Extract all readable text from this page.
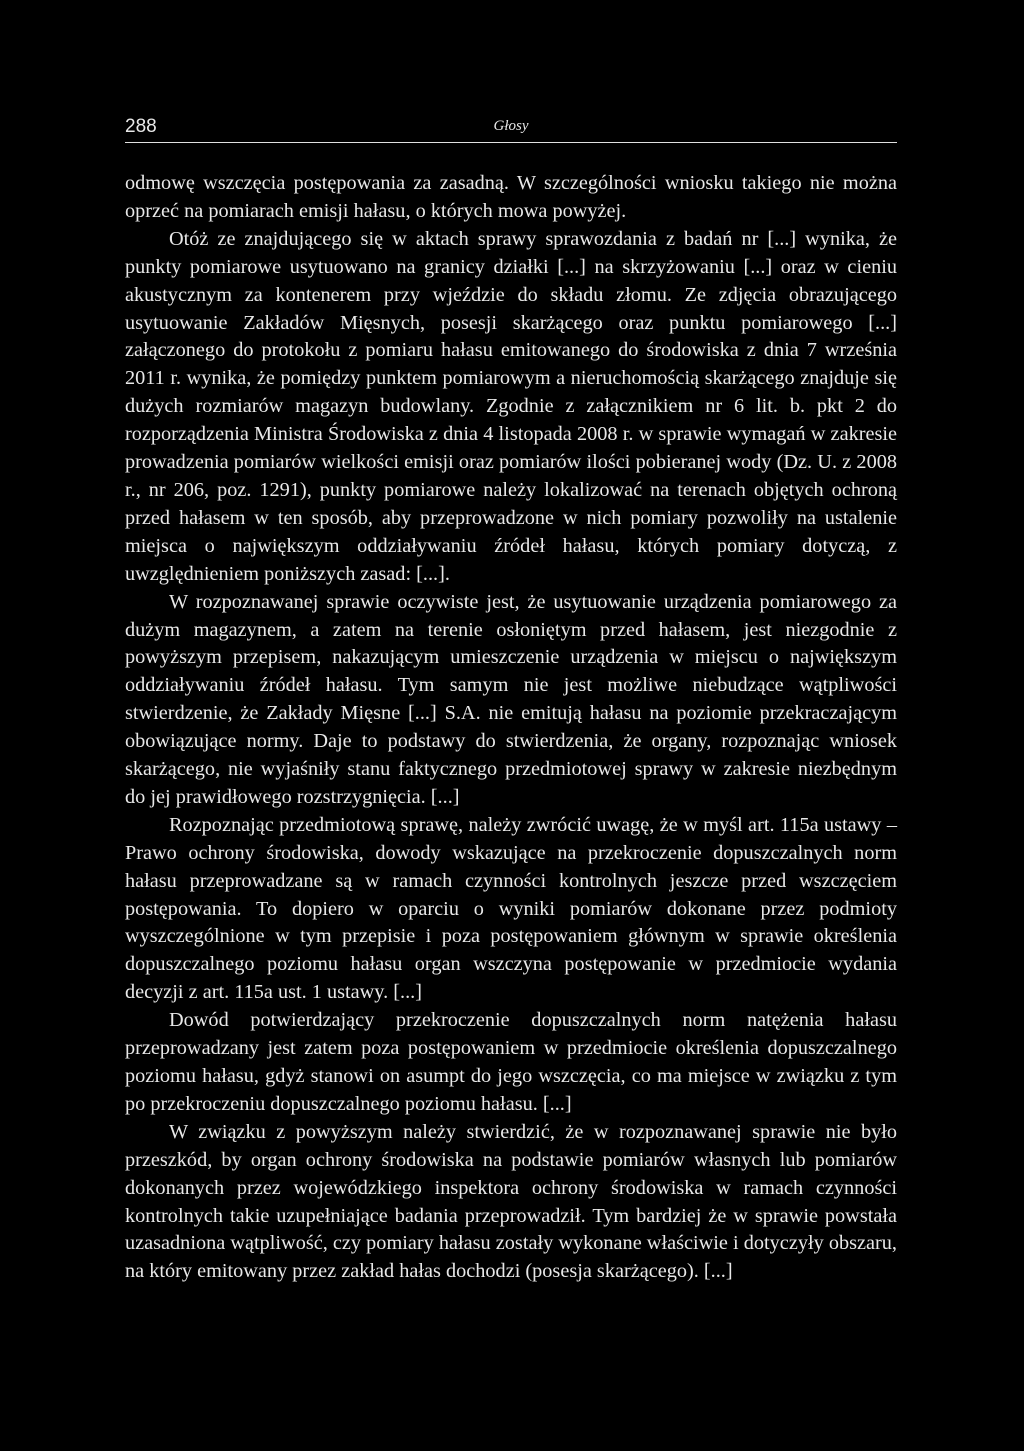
288	Głosy

odmowę wszczęcia postępowania za zasadną. W szczególności wniosku takiego nie można oprzeć na pomiarach emisji hałasu, o których mowa powyżej.

Otóż ze znajdującego się w aktach sprawy sprawozdania z badań nr [...] wynika, że punkty pomiarowe usytuowano na granicy działki [...] na skrzyżowaniu [...] oraz w cieniu akustycznym za kontenerem przy wjeździe do składu złomu. Ze zdjęcia obrazującego usytuowanie Zakładów Mięsnych, posesji skarżącego oraz punktu pomiarowego [...] załączonego do protokołu z pomiaru hałasu emitowanego do środowiska z dnia 7 września 2011 r. wynika, że pomiędzy punktem pomiarowym a nieruchomością skarżącego znajduje się dużych rozmiarów magazyn budowlany. Zgodnie z załącznikiem nr 6 lit. b. pkt 2 do rozporządzenia Ministra Środowiska z dnia 4 listopada 2008 r. w sprawie wymagań w zakresie prowadzenia pomiarów wielkości emisji oraz pomiarów ilości pobieranej wody (Dz. U. z 2008 r., nr 206, poz. 1291), punkty pomiarowe należy lokalizować na terenach objętych ochroną przed hałasem w ten sposób, aby przeprowadzone w nich pomiary pozwoliły na ustalenie miejsca o największym oddziaływaniu źródeł hałasu, których pomiary dotyczą, z uwzględnieniem poniższych zasad: [...].

W rozpoznawanej sprawie oczywiste jest, że usytuowanie urządzenia pomiarowego za dużym magazynem, a zatem na terenie osłoniętym przed hałasem, jest niezgodnie z powyższym przepisem, nakazującym umieszczenie urządzenia w miejscu o największym oddziaływaniu źródeł hałasu. Tym samym nie jest możliwe niebudzące wątpliwości stwierdzenie, że Zakłady Mięsne [...] S.A. nie emitują hałasu na poziomie przekraczającym obowiązujące normy. Daje to podstawy do stwierdzenia, że organy, rozpoznając wniosek skarżącego, nie wyjaśniły stanu faktycznego przedmiotowej sprawy w zakresie niezbędnym do jej prawidłowego rozstrzygnięcia. [...]

Rozpoznając przedmiotową sprawę, należy zwrócić uwagę, że w myśl art. 115a ustawy – Prawo ochrony środowiska, dowody wskazujące na przekroczenie dopuszczalnych norm hałasu przeprowadzane są w ramach czynności kontrolnych jeszcze przed wszczęciem postępowania. To dopiero w oparciu o wyniki pomiarów dokonane przez podmioty wyszczególnione w tym przepisie i poza postępowaniem głównym w sprawie określenia dopuszczalnego poziomu hałasu organ wszczyna postępowanie w przedmiocie wydania decyzji z art. 115a ust. 1 ustawy. [...]

Dowód potwierdzający przekroczenie dopuszczalnych norm natężenia hałasu przeprowadzany jest zatem poza postępowaniem w przedmiocie określenia dopuszczalnego poziomu hałasu, gdyż stanowi on asumpt do jego wszczęcia, co ma miejsce w związku z tym po przekroczeniu dopuszczalnego poziomu hałasu. [...]

W związku z powyższym należy stwierdzić, że w rozpoznawanej sprawie nie było przeszkód, by organ ochrony środowiska na podstawie pomiarów własnych lub pomiarów dokonanych przez wojewódzkiego inspektora ochrony środowiska w ramach czynności kontrolnych takie uzupełniające badania przeprowadził. Tym bardziej że w sprawie powstała uzasadniona wątpliwość, czy pomiary hałasu zostały wykonane właściwie i dotyczyły obszaru, na który emitowany przez zakład hałas dochodzi (posesja skarżącego). [...]
